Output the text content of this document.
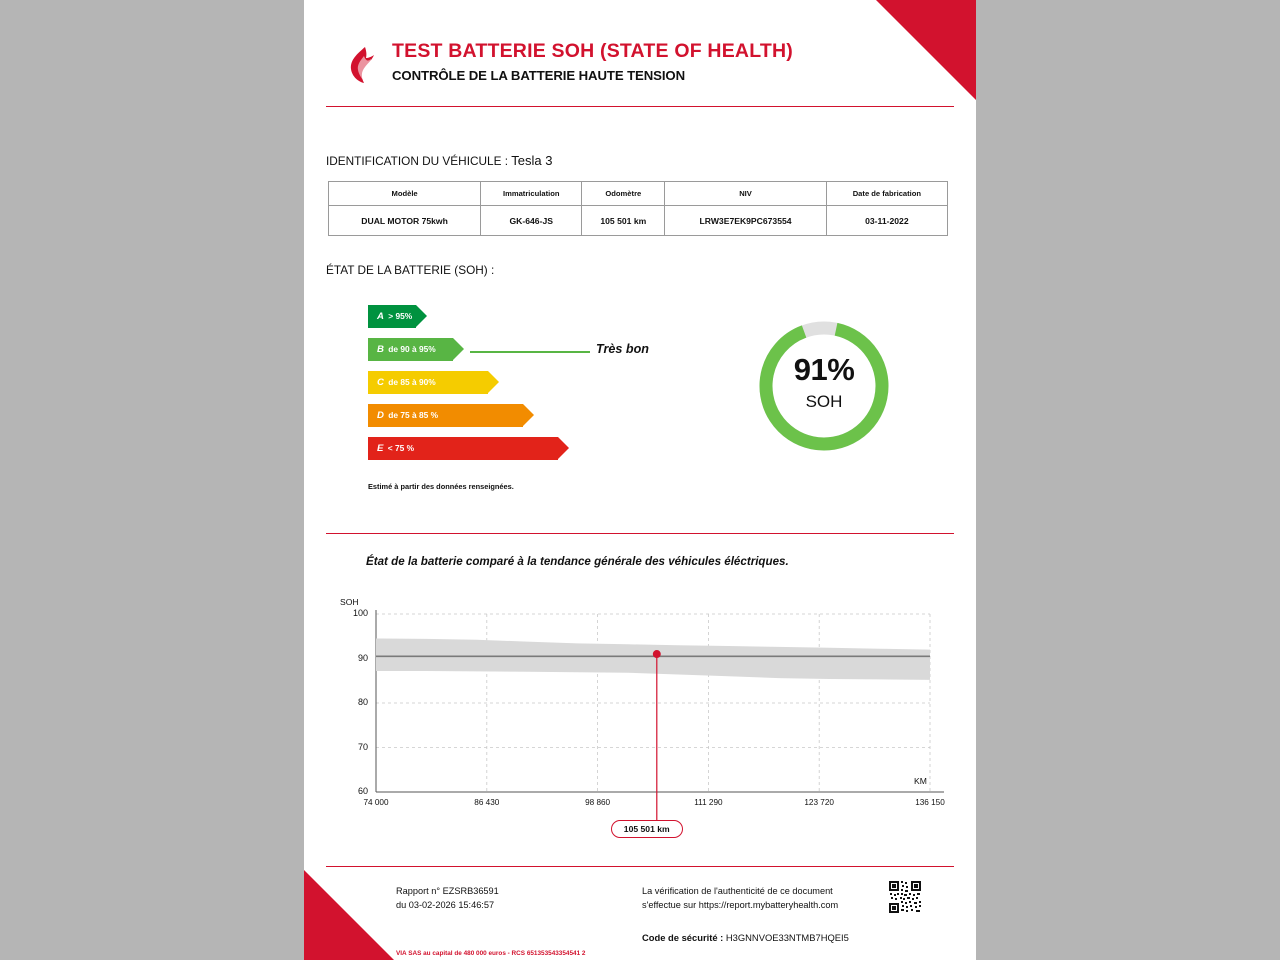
TEST BATTERIE SOH (STATE OF HEALTH)
CONTRÔLE DE LA BATTERIE HAUTE TENSION
IDENTIFICATION DU VÉHICULE : Tesla 3
Modèle	Immatriculation	Odomètre	NIV	Date de fabrication
DUAL MOTOR 75kwh	GK-646-JS	105 501 km	LRW3E7EK9PC673554	03-11-2022
ÉTAT DE LA BATTERIE (SOH) :
A > 95%
B de 90 à 95%
C de 85 à 90%
D de 75 à 85 %
E < 75 %
Très bon
Estimé à partir des données renseignées.
91%
SOH
État de la batterie comparé à la tendance générale des véhicules éléctriques.
SOH
KM
60
70
80
90
100
74 000	86 430	98 860	111 290	123 720	136 150
105 501 km
Rapport n° EZSRB36591
du 03-02-2026 15:46:57
La vérification de l'authenticité de ce document
s'effectue sur https://report.mybatteryhealth.com
Code de sécurité : H3GNNVOE33NTMB7HQEI5
VIA SAS au capital de 480 000 euros - RCS 651353543354541 2
